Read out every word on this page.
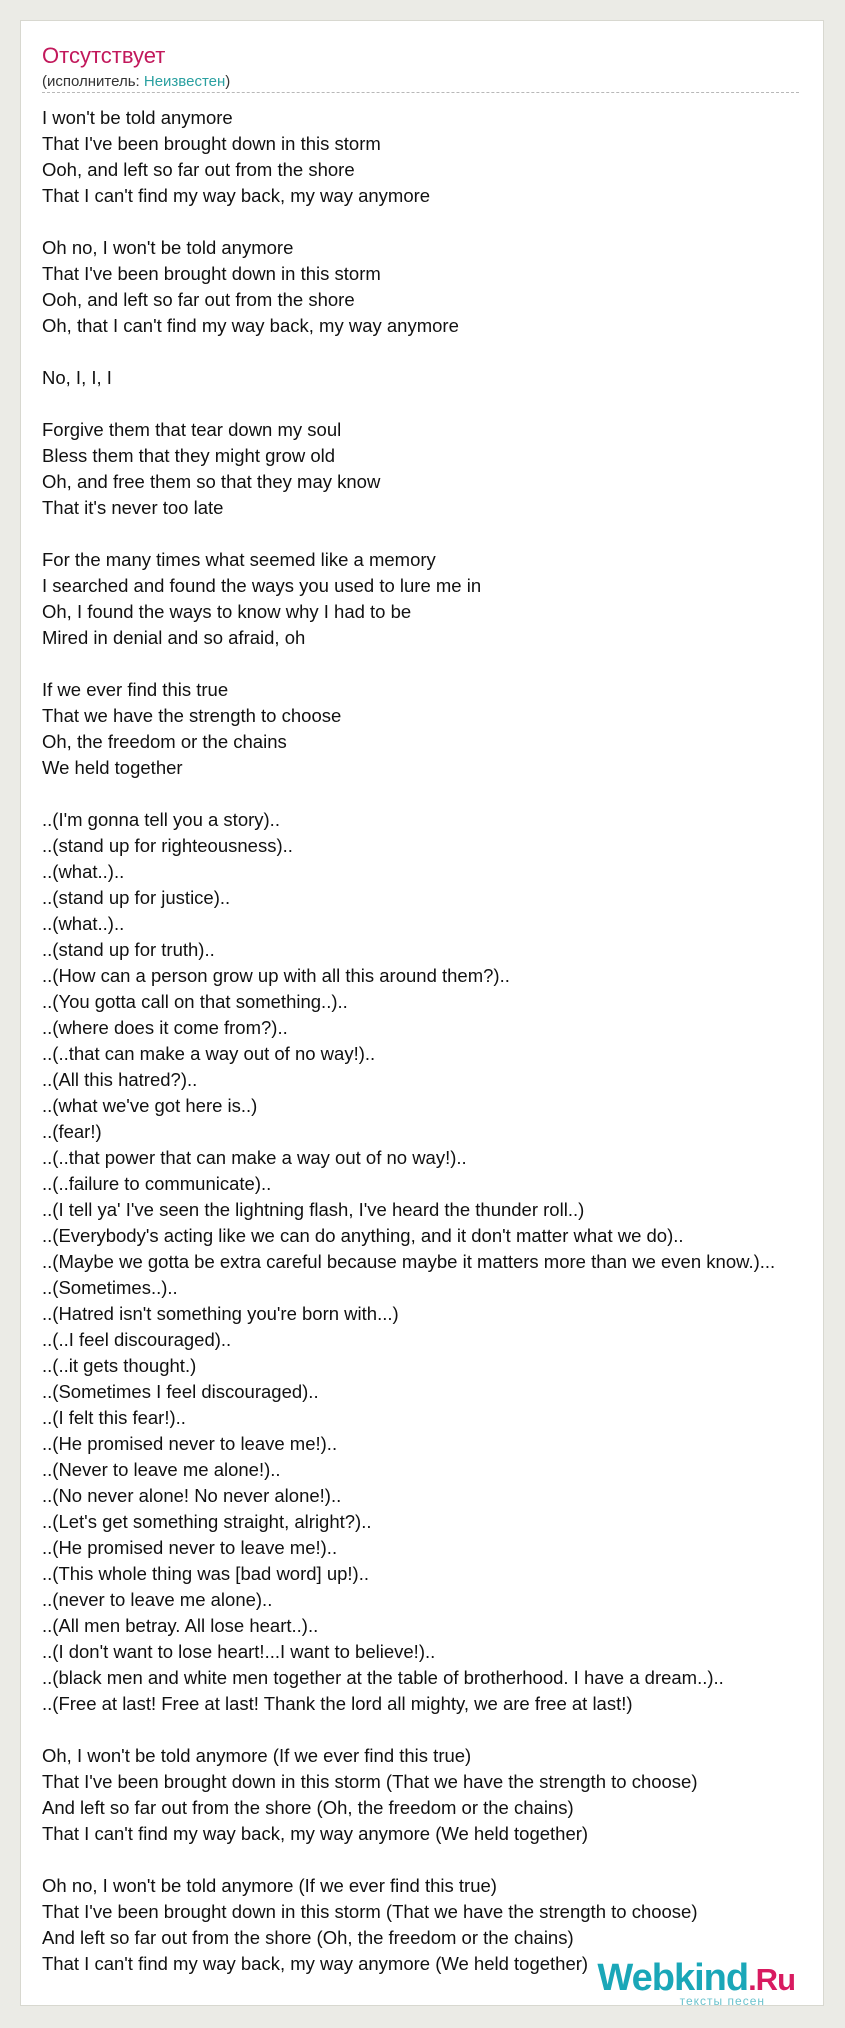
Отсутствует
(исполнитель: Неизвестен)
I won't be told anymore
That I've been brought down in this storm
Ooh, and left so far out from the shore
That I can't find my way back, my way anymore
Oh no, I won't be told anymore
That I've been brought down in this storm
Ooh, and left so far out from the shore
Oh, that I can't find my way back, my way anymore
No, I, I, I
Forgive them that tear down my soul
Bless them that they might grow old
Oh, and free them so that they may know
That it's never too late
For the many times what seemed like a memory
I searched and found the ways you used to lure me in
Oh, I found the ways to know why I had to be
Mired in denial and so afraid, oh
If we ever find this true
That we have the strength to choose
Oh, the freedom or the chains
We held together
..(I'm gonna tell you a story)..
..(stand up for righteousness)..
..(what..)..
..(stand up for justice)..
..(what..)..
..(stand up for truth)..
..(How can a person grow up with all this around them?)..
..(You gotta call on that something..)..
..(where does it come from?)..
..(..that can make a way out of no way!)..
..(All this hatred?)..
..(what we've got here is..)
..(fear!)
..(..that power that can make a way out of no way!)..
..(..failure to communicate)..
..(I tell ya' I've seen the lightning flash, I've heard the thunder roll..)
..(Everybody's acting like we can do anything, and it don't matter what we do)..
..(Maybe we gotta be extra careful because maybe it matters more than we even know.)...
..(Sometimes..)..
..(Hatred isn't something you're born with...)
..(..I feel discouraged)..
..(..it gets thought.)
..(Sometimes I feel discouraged)..
..(I felt this fear!)..
..(He promised never to leave me!)..
..(Never to leave me alone!)..
..(No never alone! No never alone!)..
..(Let's get something straight, alright?)..
..(He promised never to leave me!)..
..(This whole thing was [bad word] up!)..
..(never to leave me alone)..
..(All men betray. All lose heart..)..
..(I don't want to lose heart!...I want to believe!)..
..(black men and white men together at the table of brotherhood. I have a dream..)..
..(Free at last! Free at last! Thank the lord all mighty, we are free at last!)
Oh, I won't be told anymore (If we ever find this true)
That I've been brought down in this storm (That we have the strength to choose)
And left so far out from the shore (Oh, the freedom or the chains)
That I can't find my way back, my way anymore (We held together)
Oh no, I won't be told anymore (If we ever find this true)
That I've been brought down in this storm (That we have the strength to choose)
And left so far out from the shore (Oh, the freedom or the chains)
That I can't find my way back, my way anymore (We held together) Webkind.Ru
тексты песен
